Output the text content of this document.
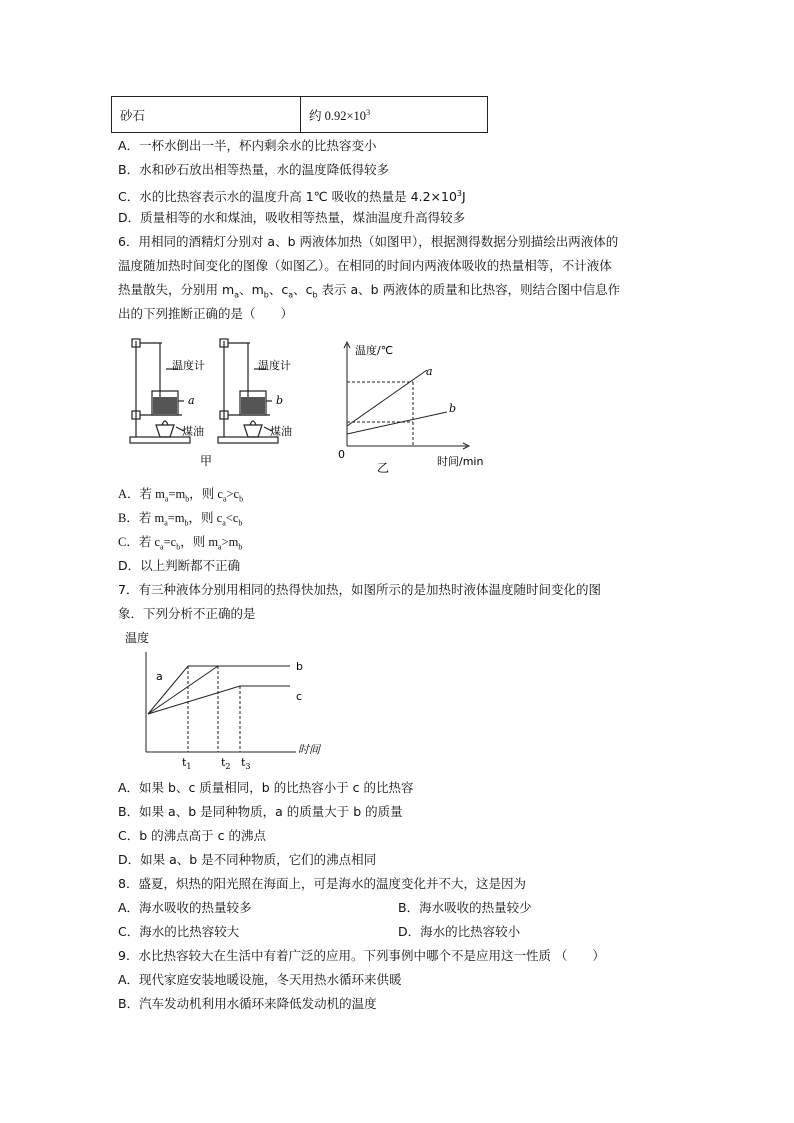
砂石	约 $0.92\times 10^3$
A．一杯水倒出一半，杯内剩余水的比热容变小
B．水和砂石放出相等热量，水的温度降低得较多
C．水的比热容表示水的温度升高 1℃ 吸收的热量是 $4.2\times 10^3J$
D．质量相等的水和煤油，吸收相等热量，煤油温度升高得较多
6．用相同的酒精灯分别对 a、b 两液体加热（如图甲），根据测得数据分别描绘出两液体的
温度随加热时间变化的图像（如图乙）。在相同的时间内两液体吸收的热量相等，不计液体
热量散失，分别用 $m_a$、$m_b$、$c_a$、$c_b$ 表示 a、b 两液体的质量和比热容，则结合图中信息作
出的下列推断正确的是（　　）
温度计	温度计
a	b
煤油	煤油
甲
温度/℃
时间/min
0
乙
a
b
A．若 $m_a=m_b$，则 $c_a>c_b$
B．若 $m_a=m_b$，则 $c_a<c_b$
C．若 $c_a=c_b$，则 $m_a>m_b$
D．以上判断都不正确
7．有三种液体分别用相同的热得快加热，如图所示的是加热时液体温度随时间变化的图
象．下列分析不正确的是
温度
时间
a
b
c
$t_1$	$t_2$ $t_3$
A．如果 b、c 质量相同，b 的比热容小于 c 的比热容
B．如果 a、b 是同种物质，a 的质量大于 b 的质量
C．b 的沸点高于 c 的沸点
D．如果 a、b 是不同种物质，它们的沸点相同
8．盛夏，炽热的阳光照在海面上，可是海水的温度变化并不大，这是因为
A．海水吸收的热量较多	B．海水吸收的热量较少
C．海水的比热容较大	D．海水的比热容较小
9．水比热容较大在生活中有着广泛的应用。下列事例中哪个不是应用这一性质 （　　）
A．现代家庭安装地暖设施，冬天用热水循环来供暖
B．汽车发动机利用水循环来降低发动机的温度
